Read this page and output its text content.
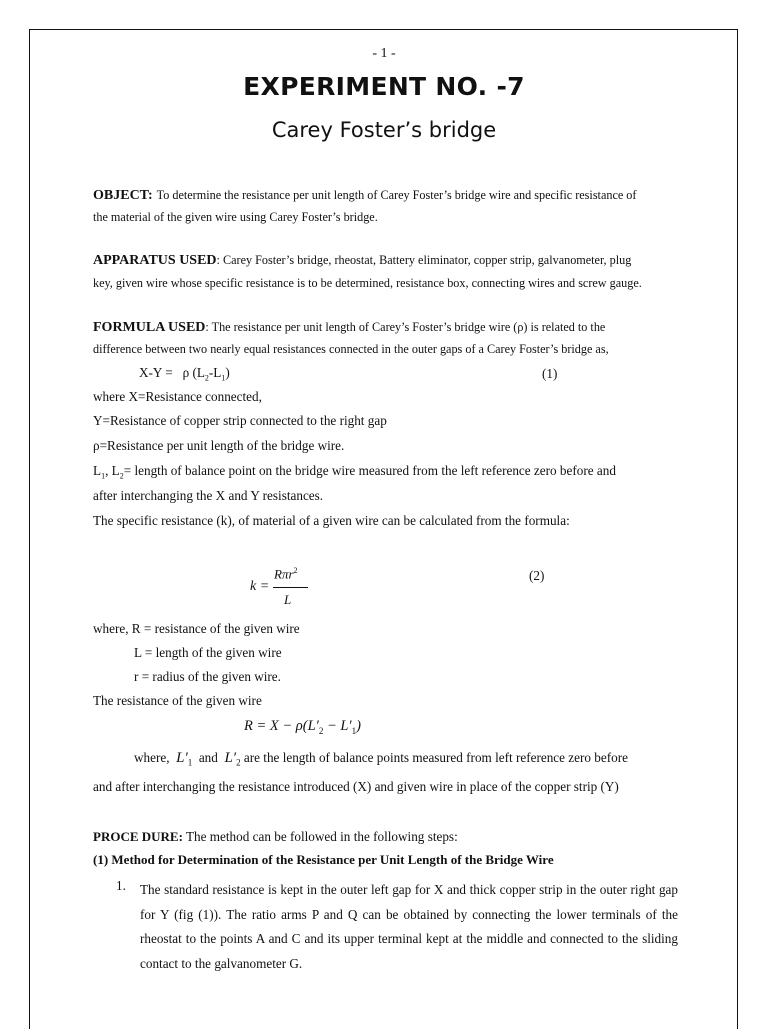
- 1 -
EXPERIMENT NO. -7
Carey Foster’s bridge
OBJECT: To determine the resistance per unit length of Carey Foster’s bridge wire and specific resistance of
the material of the given wire using Carey Foster’s bridge.
APPARATUS USED: Carey Foster’s bridge, rheostat, Battery eliminator, copper strip, galvanometer, plug
key, given wire whose specific resistance is to be determined, resistance box, connecting wires and screw gauge.
FORMULA USED: The resistance per unit length of Carey’s Foster’s bridge wire (ρ) is related to the
difference between two nearly equal resistances connected in the outer gaps of a Carey Foster’s bridge as,
X-Y = ρ $(L_2-L_1)$	(1)
where X=Resistance connected,
Y=Resistance of copper strip connected to the right gap
ρ=Resistance per unit length of the bridge wire.
$L_1$, $L_2=$ length of balance point on the bridge wire measured from the left reference zero before and
after interchanging the X and Y resistances.
The specific resistance (k), of material of a given wire can be calculated from the formula:
k =
Rπr$^2$
L
(2)
where, R = resistance of the given wire
L = length of the given wire
r = radius of the given wire.
The resistance of the given wire
$R = X - \rho(L'_2 - L'_1)$
where, $L'_1$ and $L'_2$ are the length of balance points measured from left reference zero before
and after interchanging the resistance introduced (X) and given wire in place of the copper strip (Y)
PROCE DURE: The method can be followed in the following steps:
(1) Method for Determination of the Resistance per Unit Length of the Bridge Wire
1. The standard resistance is kept in the outer left gap for X and thick copper strip in the outer right gap for Y (fig (1)). The ratio arms P and Q can be obtained by connecting the lower terminals of the rheostat to the points A and C and its upper terminal kept at the middle and connected to the sliding contact to the galvanometer G.
